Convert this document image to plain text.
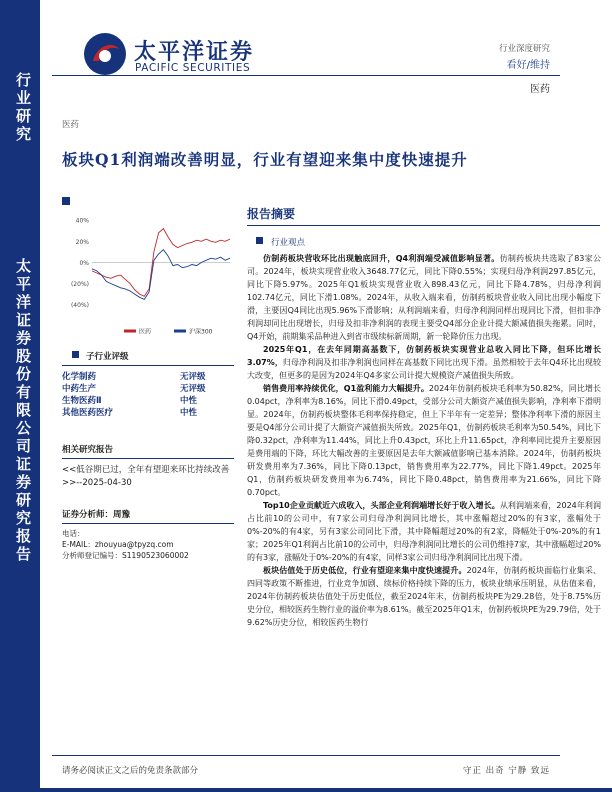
行业研究
太平洋证券股份有限公司证券研究报告
太平洋证券
PACIFIC SECURITIES
行业深度研究
看好/维持
医药
医药
板块Q1利润端改善明显，行业有望迎来集中度快速提升
40%
20%
0%
(20%)
(40%)
医药	沪深300
子行业评级
化学制药	无评级
中药生产	无评级
生物医药Ⅱ	中性
其他医药医疗	中性
相关研究报告
<<低谷期已过，全年有望迎来环比持续改善>>--2025-04-30
证券分析师：周豫
电话：
E-MAIL：zhouyua@tpyzq.com
分析师登记编号：S1190523060002
报告摘要
行业观点

仿制药板块营收环比出现触底回升，Q4利润端受减值影响显著。仿制药板块共选取了83家公司。2024年，板块实现营业收入3648.77亿元，同比下降0.55%；实现归母净利润297.85亿元，同比下降5.97%。2025年Q1板块实现营业收入898.43亿元，同比下降4.78%，归母净利润102.74亿元，同比下滑1.08%。2024年，从收入端来看，仿制药板块营业收入同比出现小幅度下滑，主要因Q4同比出现5.96%下滑影响；从利润端来看，归母净利润同样出现同比下滑，但扣非净利润却同比出现增长，归母及扣非净利润的表现主要受Q4部分企业计提大额减值损失拖累。同时，Q4开始，前期集采品种进入到省市级续标新周期，新一轮降价压力出现。

2025年Q1，在去年同期高基数下，仿制药板块实现营业总收入同比下降，但环比增长3.07%，归母净利润及扣非净利润也同样在高基数下同比出现下滑。虽然相较于去年Q4环比出现较大改变，但更多的是因为2024年Q4多家公司计提大规模资产减值损失所致。

销售费用率持续优化，Q1盈利能力大幅提升。2024年仿制药板块毛利率为50.82%，同比增长0.04pct，净利率为8.16%，同比下滑0.49pct，受部分公司大额资产减值损失影响，净利率下滑明显。2024年，仿制药板块整体毛利率保持稳定，但上下半年有一定差异；整体净利率下滑的原因主要是Q4部分公司计提了大额资产减值损失所致。2025年Q1，仿制药板块毛利率为50.54%，同比下降0.32pct，净利率为11.44%，同比上升0.43pct，环比上升11.65pct，净利率同比提升主要原因是费用端的下降，环比大幅改善的主要原因是去年大额减值影响已基本消除。2024年，仿制药板块研发费用率为7.36%，同比下降0.13pct，销售费用率为22.77%，同比下降1.49pct。2025年Q1，仿制药板块研发费用率为6.74%，同比下降0.48pct，销售费用率为21.66%，同比下降0.70pct。

Top10企业贡献近六成收入，头部企业利润端增长好于收入增长。从利润端来看，2024年利润占比前10的公司中，有7家公司归母净利润同比增长，其中涨幅超过20%的有3家，涨幅处于0%-20%的有4家，另有3家公司同比下滑，其中降幅超过20%的有2家，降幅处于0%-20%的有1家；2025年Q1利润占比前10的公司中，归母净利润同比增长的公司仍维持7家，其中涨幅超过20%的有3家，涨幅处于0%-20%的有4家，同样3家公司归母净利润同比出现下滑。

板块估值处于历史低位，行业有望迎来集中度快速提升。2024年，仿制药板块面临行业集采、四同等政策不断推进，行业竞争加剧、续标价格持续下降的压力，板块业绩承压明显，从估值来看，2024年仿制药板块估值处于历史低位，截至2024年末，仿制药板块PE为29.28倍，处于8.75%历史分位，相较医药生物行业的溢价率为8.61%。截至2025年Q1末，仿制药板块PE为29.79倍，处于9.62%历史分位，相较医药生物行

请务必阅读正文之后的免责条款部分	守正 出奇 宁静 致远
